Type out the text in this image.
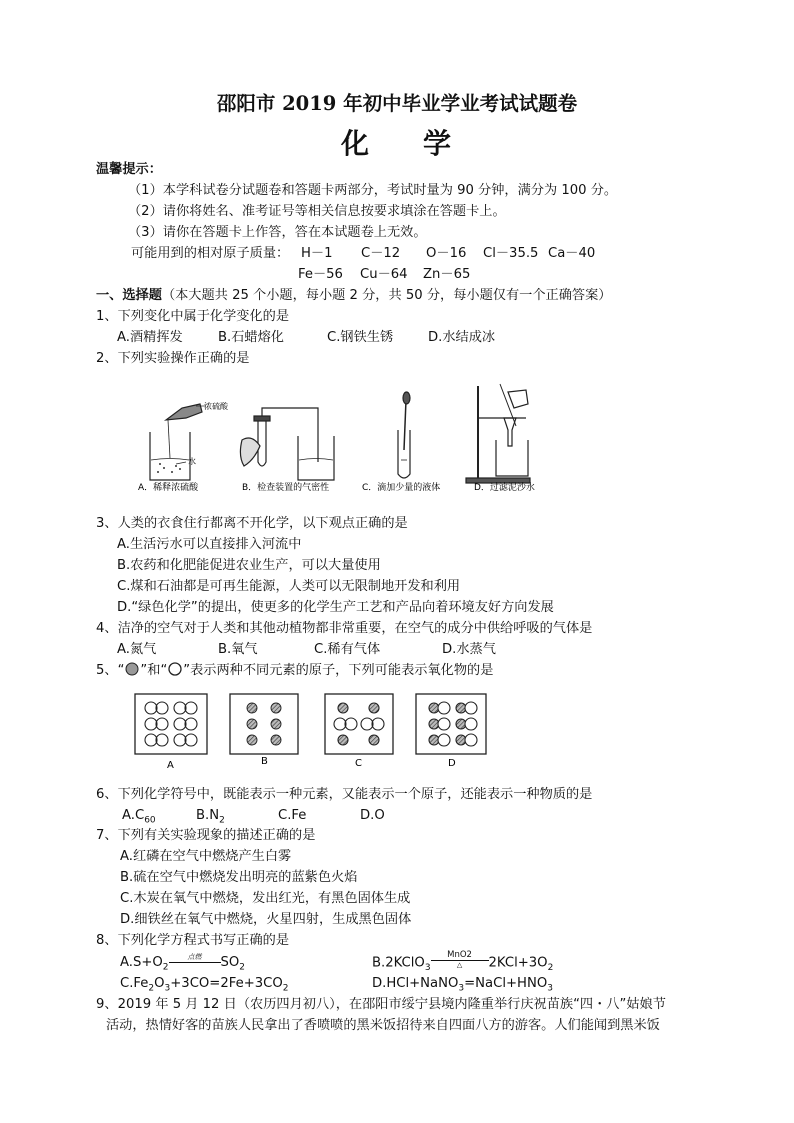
邵阳市 2019 年初中毕业学业考试试题卷
化 学
温馨提示：
（1）本学科试卷分试题卷和答题卡两部分，考试时量为 90 分钟，满分为 100 分。
（2）请你将姓名、准考证号等相关信息按要求填涂在答题卡上。
（3）请你在答题卡上作答，答在本试题卷上无效。
可能用到的相对原子质量： H－1 C－12 O－16 Cl－35.5 Ca－40
Fe－56 Cu－64 Zn－65
一、选择题（本大题共 25 个小题，每小题 2 分，共 50 分，每小题仅有一个正确答案）
1、下列变化中属于化学变化的是
A.酒精挥发	B.石蜡熔化	C.钢铁生锈	D.水结成冰
2、下列实验操作正确的是
浓硫酸
水
A．稀释浓硫酸	B．检查装置的气密性	C．滴加少量的液体	D．过滤泥沙水
3、人类的衣食住行都离不开化学，以下观点正确的是
A.生活污水可以直接排入河流中
B.农药和化肥能促进农业生产，可以大量使用
C.煤和石油都是可再生能源，人类可以无限制地开发和利用
D.“绿色化学”的提出，使更多的化学生产工艺和产品向着环境友好方向发展
4、洁净的空气对于人类和其他动植物都非常重要，在空气的成分中供给呼吸的气体是
A.氮气	B.氧气	C.稀有气体	D.水蒸气
5、“ ”和“ ”表示两种不同元素的原子，下列可能表示氧化物的是
A	B	C	D
6、下列化学符号中，既能表示一种元素，又能表示一个原子，还能表示一种物质的是
$A.C_{60}$	$B.N_2$	C.Fe	D.O
7、下列有关实验现象的描述正确的是
A.红磷在空气中燃烧产生白雾
B.硫在空气中燃烧发出明亮的蓝紫色火焰
C.木炭在氧气中燃烧，发出红光，有黑色固体生成
D.细铁丝在氧气中燃烧，火星四射，生成黑色固体
8、下列化学方程式书写正确的是
$A.S+O_2$
点燃	$SO_2$	B.2KClO$_3$ $\frac{\text{MnO2}}{\triangle} 2KCl+3O_2$
$C.Fe_2O_3+3CO=2Fe+3CO_2$	$D.HCl+NaNO_3=NaCl+HNO_3$
9、2019 年 5 月 12 日（农历四月初八），在邵阳市绥宁县境内隆重举行庆祝苗族“四・八”姑娘节
活动，热情好客的苗族人民拿出了香喷喷的黑米饭招待来自四面八方的游客。人们能闻到黑米饭
